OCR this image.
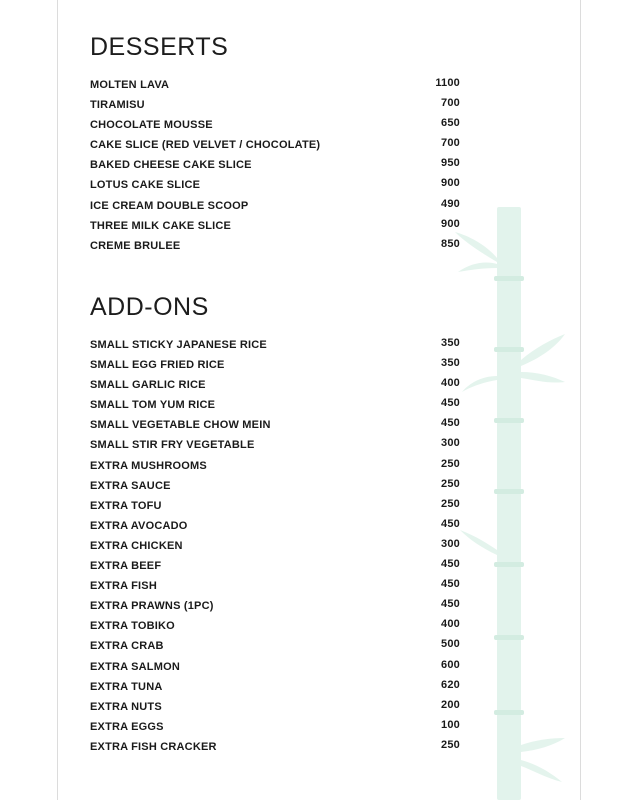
DESSERTS
MOLTEN LAVA	1100
TIRAMISU	700
CHOCOLATE MOUSSE	650
CAKE SLICE (RED VELVET / CHOCOLATE)	700
BAKED CHEESE CAKE SLICE	950
LOTUS CAKE SLICE	900
ICE CREAM DOUBLE SCOOP	490
THREE MILK CAKE SLICE	900
CREME BRULEE	850
ADD-ONS
SMALL STICKY JAPANESE RICE	350
SMALL EGG FRIED RICE	350
SMALL GARLIC RICE	400
SMALL TOM YUM RICE	450
SMALL VEGETABLE CHOW MEIN	450
SMALL STIR FRY VEGETABLE	300
EXTRA MUSHROOMS	250
EXTRA SAUCE	250
EXTRA TOFU	250
EXTRA AVOCADO	450
EXTRA CHICKEN	300
EXTRA BEEF	450
EXTRA FISH	450
EXTRA PRAWNS (1PC)	450
EXTRA TOBIKO	400
EXTRA CRAB	500
EXTRA SALMON	600
EXTRA TUNA	620
EXTRA NUTS	200
EXTRA EGGS	100
EXTRA FISH CRACKER	250
